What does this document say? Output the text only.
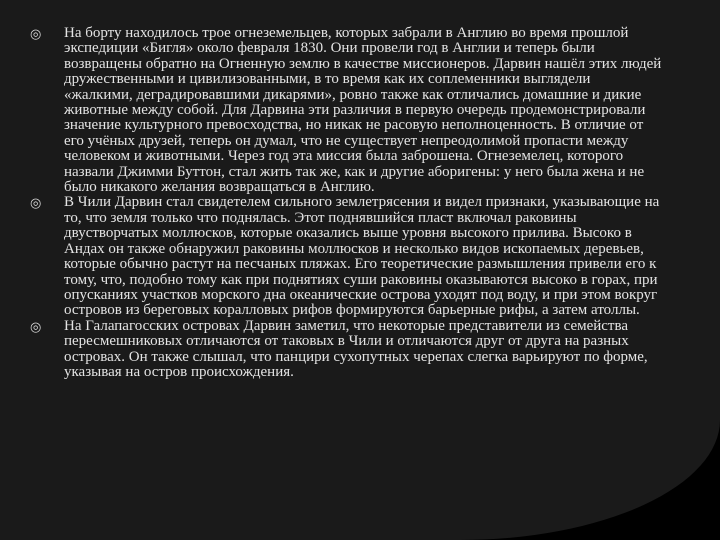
◎	На борту находилось трое огнеземельцев, которых забрали в Англию во время прошлой экспедиции «Бигля» около февраля 1830. Они провели год в Англии и теперь были возвращены обратно на Огненную землю в качестве миссионеров. Дарвин нашёл этих людей дружественными и цивилизованными, в то время как их соплеменники выглядели «жалкими, деградировавшими дикарями», ровно также как отличались домашние и дикие животные между собой. Для Дарвина эти различия в первую очередь продемонстрировали значение культурного превосходства, но никак не расовую неполноценность. В отличие от его учёных друзей, теперь он думал, что не существует непреодолимой пропасти между человеком и животными. Через год эта миссия была заброшена. Огнеземелец, которого назвали Джимми Буттон, стал жить так же, как и другие аборигены: у него была жена и не было никакого желания возвращаться в Англию.
◎	В Чили Дарвин стал свидетелем сильного землетрясения и видел признаки, указывающие на то, что земля только что поднялась. Этот поднявшийся пласт включал раковины двустворчатых моллюсков, которые оказались выше уровня высокого прилива. Высоко в Андах он также обнаружил раковины моллюсков и несколько видов ископаемых деревьев, которые обычно растут на песчаных пляжах. Его теоретические размышления привели его к тому, что, подобно тому как при поднятиях суши раковины оказываются высоко в горах, при опусканиях участков морского дна океанические острова уходят под воду, и при этом вокруг островов из береговых коралловых рифов формируются барьерные рифы, а затем атоллы.
◎	На Галапагосских островах Дарвин заметил, что некоторые представители из семейства пересмешниковых отличаются от таковых в Чили и отличаются друг от друга на разных островах. Он также слышал, что панцири сухопутных черепах слегка варьируют по форме, указывая на остров происхождения.
